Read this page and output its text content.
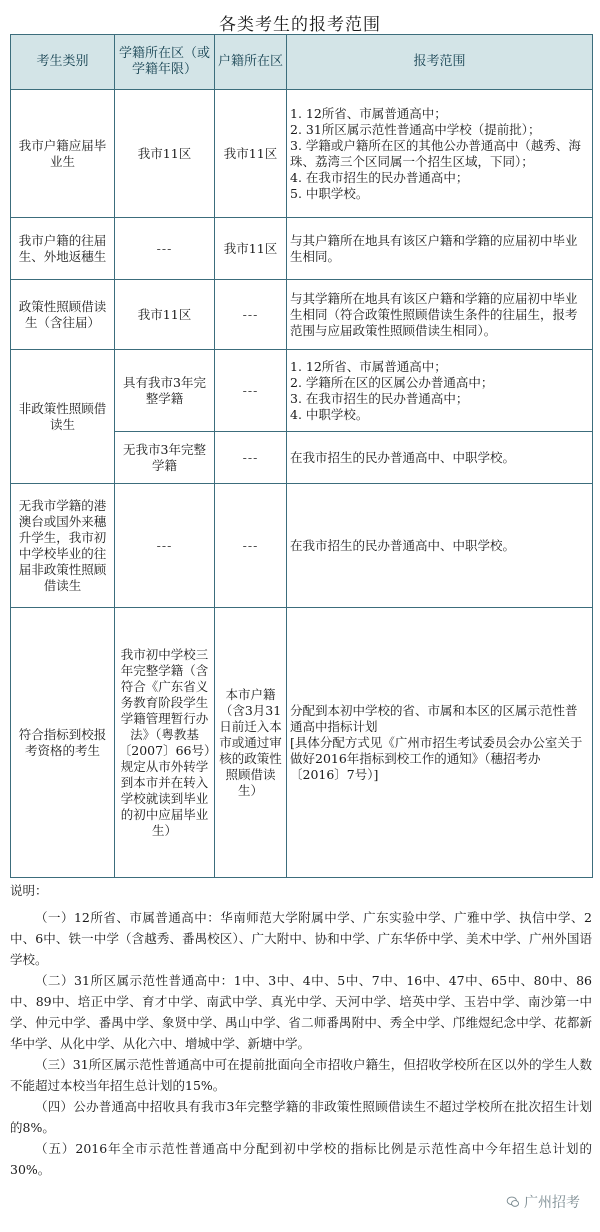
各类考生的报考范围
考生类别	学籍所在区（或学籍年限）	户籍所在区	报考范围
我市户籍应届毕业生	我市11区	我市11区	1. 12所省、市属普通高中；
2. 31所区属示范性普通高中学校（提前批）；
3. 学籍或户籍所在区的其他公办普通高中（越秀、海珠、荔湾三个区同属一个招生区域，下同）；
4. 在我市招生的民办普通高中；
5. 中职学校。

我市户籍的往届生、外地返穗生	---	我市11区	与其户籍所在地具有该区户籍和学籍的应届初中毕业生相同。
政策性照顾借读生（含往届）	我市11区	---	与其学籍所在地具有该区户籍和学籍的应届初中毕业生相同（符合政策性照顾借读生条件的往届生，报考范围与应届政策性照顾借读生相同）。
非政策性照顾借读生	具有我市3年完整学籍	---	1. 12所省、市属普通高中；
2. 学籍所在区的区属公办普通高中；
3. 在我市招生的民办普通高中；
4. 中职学校。

	无我市3年完整学籍	---	在我市招生的民办普通高中、中职学校。
无我市学籍的港澳台或国外来穗升学生，我市初中学校毕业的往届非政策性照顾借读生	---	---	在我市招生的民办普通高中、中职学校。
符合指标到校报考资格的考生	我市初中学校三年完整学籍（含符合《广东省义务教育阶段学生学籍管理暂行办法》（粤教基〔2007〕66号）规定从市外转学到本市并在转入学校就读到毕业的初中应届毕业生）	本市户籍（含3月31日前迁入本市或通过审核的政策性照顾借读生）	分配到本初中学校的省、市属和本区的区属示范性普通高中指标计划
[具体分配方式见《广州市招生考试委员会办公室关于做好2016年指标到校工作的通知》（穗招考办〔2016〕7号）]

说明：

（一）12所省、市属普通高中：华南师范大学附属中学、广东实验中学、广雅中学、执信中学、2中、6中、铁一中学（含越秀、番禺校区）、广大附中、协和中学、广东华侨中学、美术中学、广州外国语学校。

（二）31所区属示范性普通高中：1中、3中、4中、5中、7中、16中、47中、65中、80中、86中、89中、培正中学、育才中学、南武中学、真光中学、天河中学、培英中学、玉岩中学、南沙第一中学、仲元中学、番禺中学、象贤中学、禺山中学、省二师番禺附中、秀全中学、邝维煜纪念中学、花都新华中学、从化中学、从化六中、增城中学、新塘中学。

（三）31所区属示范性普通高中可在提前批面向全市招收户籍生，但招收学校所在区以外的学生人数不能超过本校当年招生总计划的15%。

（四）公办普通高中招收具有我市3年完整学籍的非政策性照顾借读生不超过学校所在批次招生计划的8%。

（五）2016年全市示范性普通高中分配到初中学校的指标比例是示范性高中今年招生总计划的30%。

广州招考
